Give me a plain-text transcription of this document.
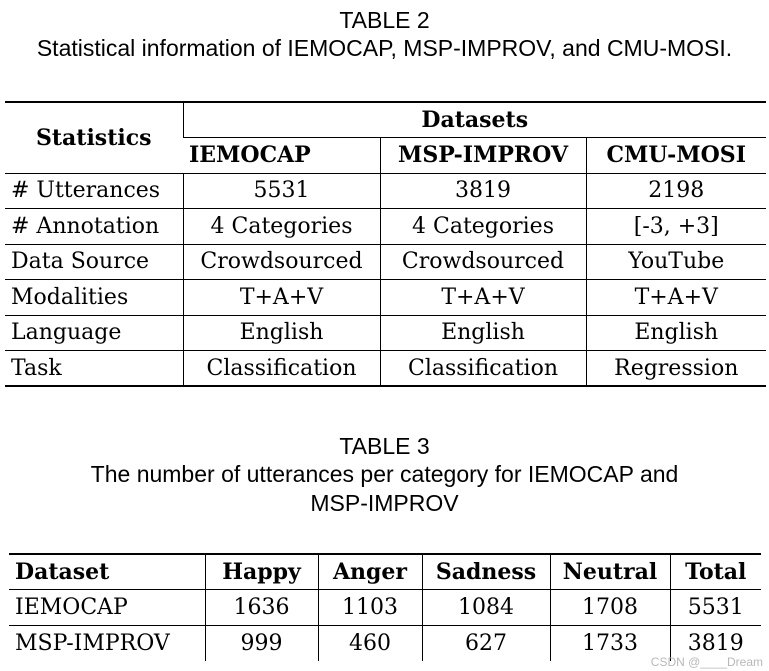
TABLE 2
Statistical information of IEMOCAP, MSP-IMPROV, and CMU-MOSI.
Statistics	Datasets		
	IEMOCAP	MSP-IMPROV	CMU-MOSI
# Utterances	5531	3819	2198
# Annotation	4 Categories	4 Categories	[-3, +3]
Data Source	Crowdsourced	Crowdsourced	YouTube
Modalities	T+A+V	T+A+V	T+A+V
Language	English	English	English
Task	Classification	Classification	Regression
TABLE 3
The number of utterances per category for IEMOCAP and
MSP-IMPROV
Dataset	Happy	Anger	Sadness	Neutral	Total
IEMOCAP	1636	1103	1084	1708	5531
MSP-IMPROV	999	460	627	1733	3819
CSDN @____Dream
